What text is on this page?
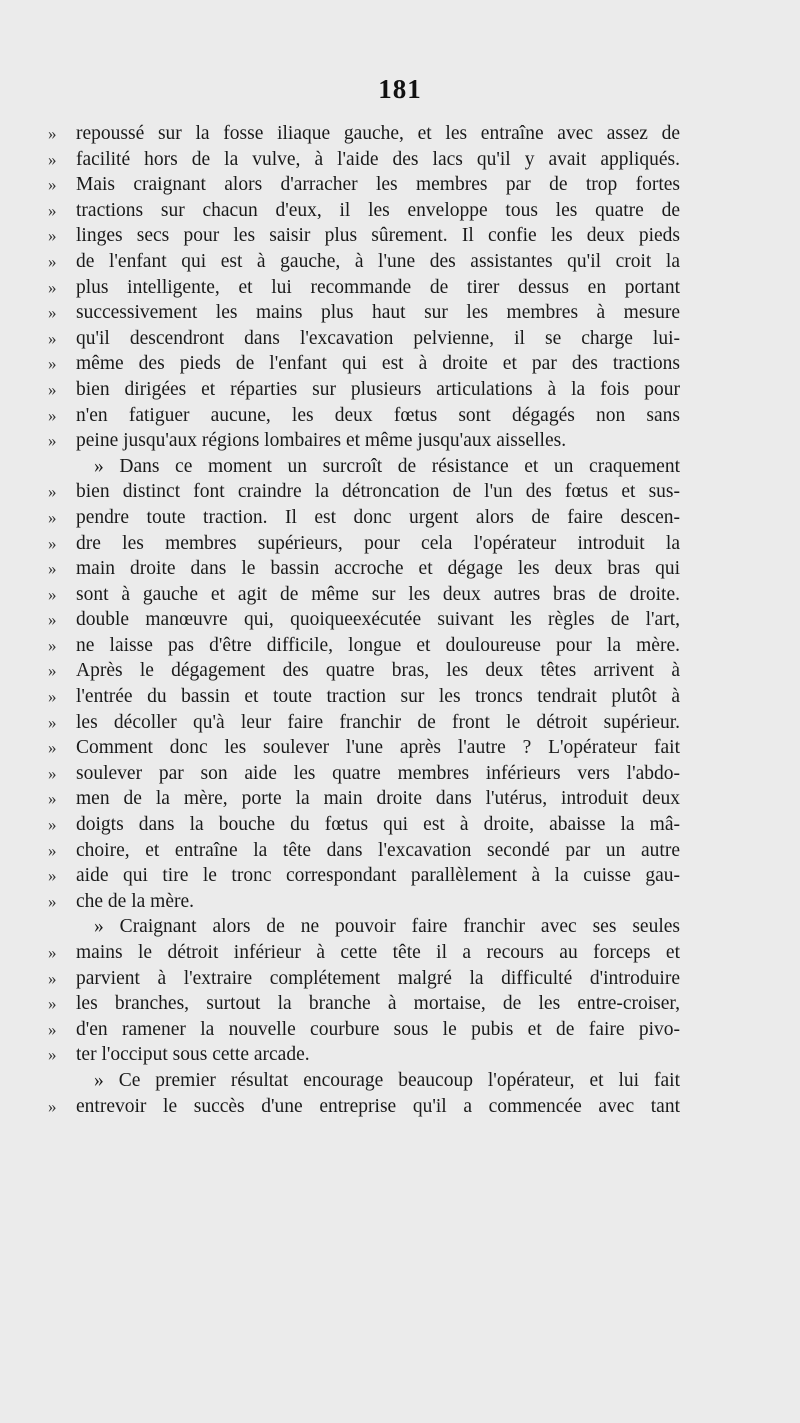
181
»	repoussé sur la fosse iliaque gauche, et les entraîne avec assez de
»	facilité hors de la vulve, à l'aide des lacs qu'il y avait appliqués.
»	Mais craignant alors d'arracher les membres par de trop fortes
»	tractions sur chacun d'eux, il les enveloppe tous les quatre de
»	linges secs pour les saisir plus sûrement. Il confie les deux pieds
»	de l'enfant qui est à gauche, à l'une des assistantes qu'il croit la
»	plus intelligente, et lui recommande de tirer dessus en portant
»	successivement les mains plus haut sur les membres à mesure
»	qu'il descendront dans l'excavation pelvienne, il se charge lui-
»	même des pieds de l'enfant qui est à droite et par des tractions
»	bien dirigées et réparties sur plusieurs articulations à la fois pour
»	n'en fatiguer aucune, les deux fœtus sont dégagés non sans
»	peine jusqu'aux régions lombaires et même jusqu'aux aisselles.
» Dans ce moment un surcroît de résistance et un craquement
»	bien distinct font craindre la détroncation de l'un des fœtus et sus-
»	pendre toute traction. Il est donc urgent alors de faire descen-
»	dre les membres supérieurs, pour cela l'opérateur introduit la
»	main droite dans le bassin accroche et dégage les deux bras qui
»	sont à gauche et agit de même sur les deux autres bras de droite.
»	double manœuvre qui, quoiqueexécutée suivant les règles de l'art,
»	ne laisse pas d'être difficile, longue et douloureuse pour la mère.
»	Après le dégagement des quatre bras, les deux têtes arrivent à
»	l'entrée du bassin et toute traction sur les troncs tendrait plutôt à
»	les décoller qu'à leur faire franchir de front le détroit supérieur.
»	Comment donc les soulever l'une après l'autre ? L'opérateur fait
»	soulever par son aide les quatre membres inférieurs vers l'abdo-
»	men de la mère, porte la main droite dans l'utérus, introduit deux
»	doigts dans la bouche du fœtus qui est à droite, abaisse la mâ-
»	choire, et entraîne la tête dans l'excavation secondé par un autre
»	aide qui tire le tronc correspondant parallèlement à la cuisse gau-
»	che de la mère.
» Craignant alors de ne pouvoir faire franchir avec ses seules
»	mains le détroit inférieur à cette tête il a recours au forceps et
»	parvient à l'extraire complétement malgré la difficulté d'introduire
»	les branches, surtout la branche à mortaise, de les entre-croiser,
»	d'en ramener la nouvelle courbure sous le pubis et de faire pivo-
»	ter l'occiput sous cette arcade.
» Ce premier résultat encourage beaucoup l'opérateur, et lui fait
»	entrevoir le succès d'une entreprise qu'il a commencée avec tant
